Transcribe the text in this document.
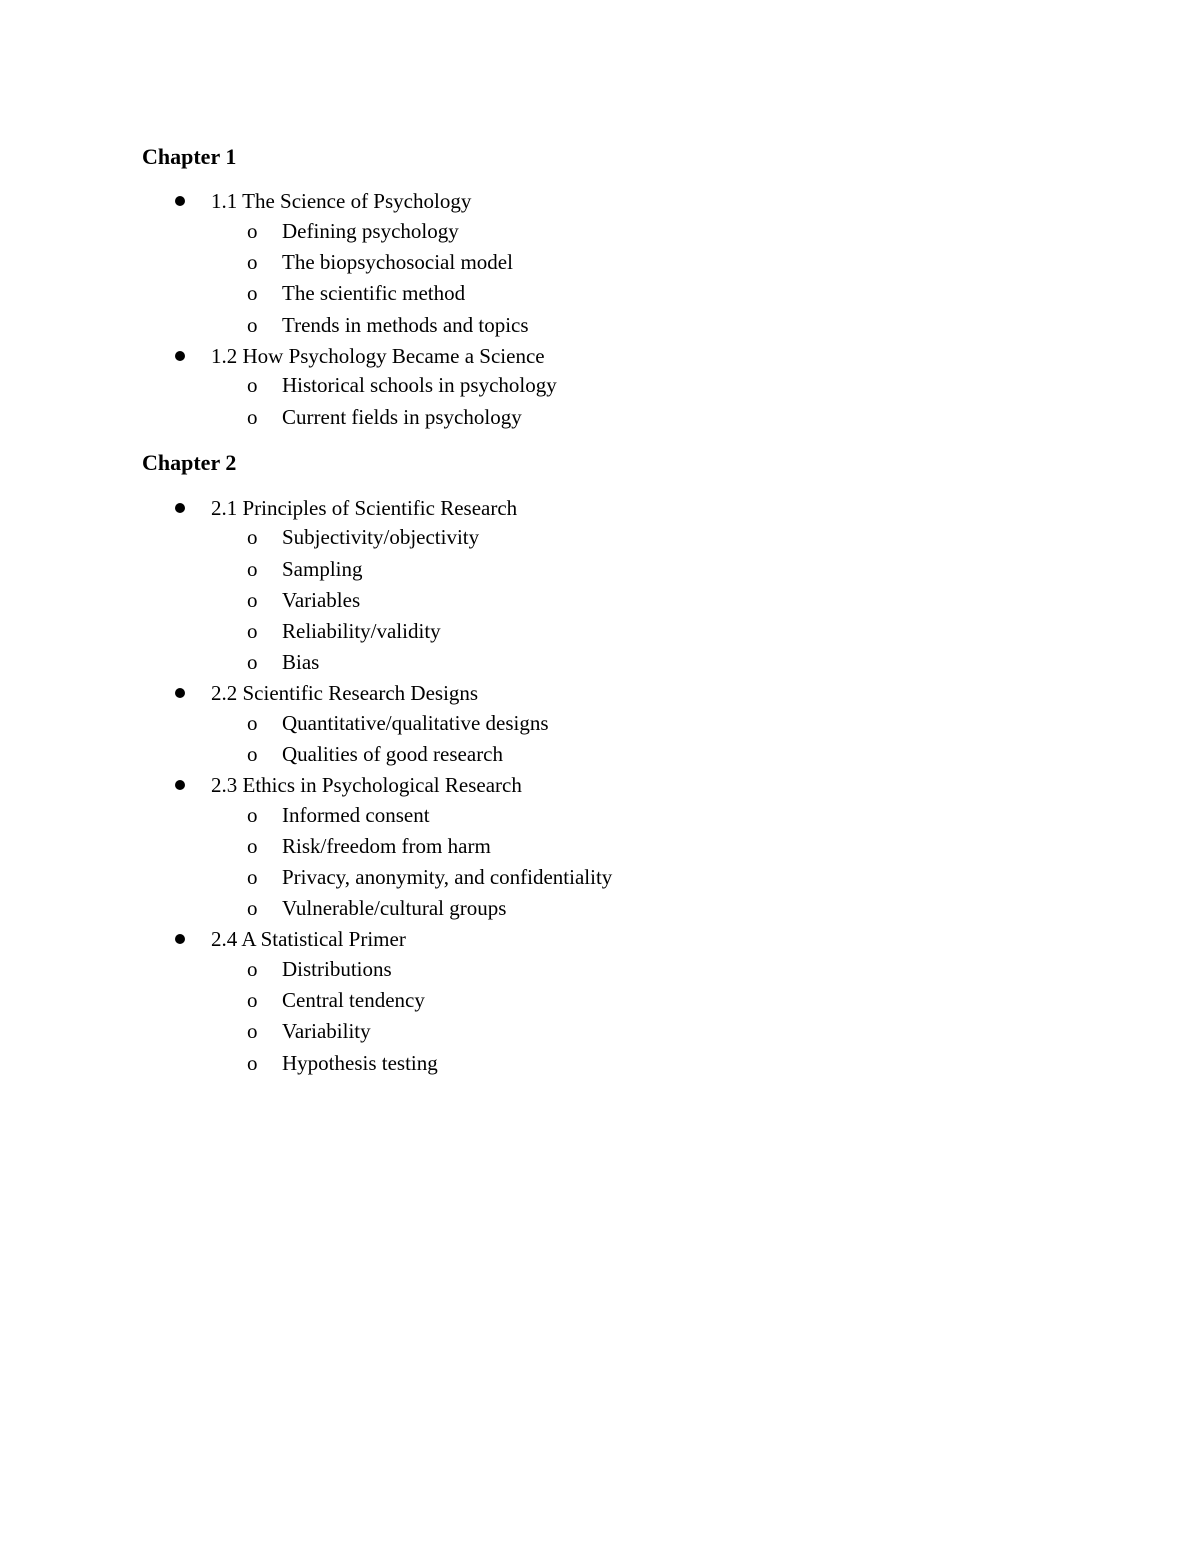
Chapter 1
1.1 The Science of Psychology
o Defining psychology
o The biopsychosocial model
o The scientific method
o Trends in methods and topics
1.2 How Psychology Became a Science
o Historical schools in psychology
o Current fields in psychology
Chapter 2
2.1 Principles of Scientific Research
o Subjectivity/objectivity
o Sampling
o Variables
o Reliability/validity
o Bias
2.2 Scientific Research Designs
o Quantitative/qualitative designs
o Qualities of good research
2.3 Ethics in Psychological Research
o Informed consent
o Risk/freedom from harm
o Privacy, anonymity, and confidentiality
o Vulnerable/cultural groups
2.4 A Statistical Primer
o Distributions
o Central tendency
o Variability
o Hypothesis testing
